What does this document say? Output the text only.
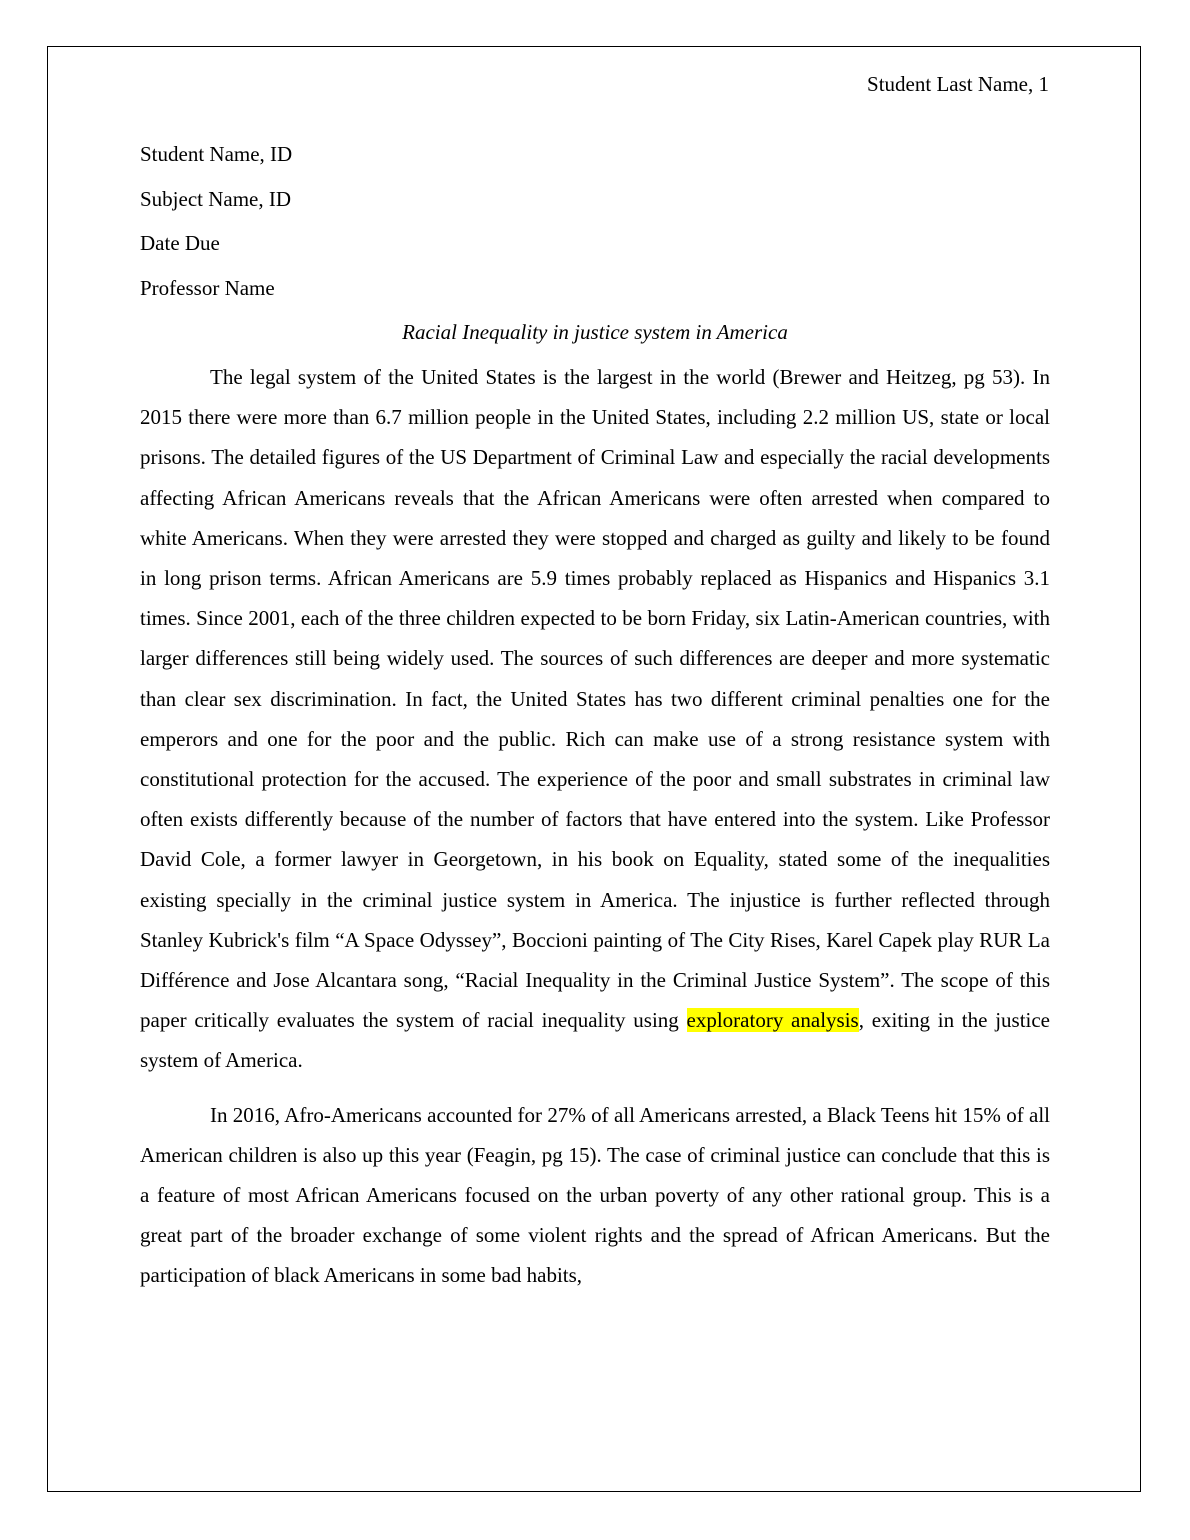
Student Last Name, 1
Student Name, ID
Subject Name, ID
Date Due
Professor Name
Racial Inequality in justice system in America

The legal system of the United States is the largest in the world (Brewer and Heitzeg, pg 53). In 2015 there were more than 6.7 million people in the United States, including 2.2 million US, state or local prisons. The detailed figures of the US Department of Criminal Law and especially the racial developments affecting African Americans reveals that the African Americans were often arrested when compared to white Americans. When they were arrested they were stopped and charged as guilty and likely to be found in long prison terms. African Americans are 5.9 times probably replaced as Hispanics and Hispanics 3.1 times. Since 2001, each of the three children expected to be born Friday, six Latin-American countries, with larger differences still being widely used. The sources of such differences are deeper and more systematic than clear sex discrimination. In fact, the United States has two different criminal penalties one for the emperors and one for the poor and the public. Rich can make use of a strong resistance system with constitutional protection for the accused. The experience of the poor and small substrates in criminal law often exists differently because of the number of factors that have entered into the system. Like Professor David Cole, a former lawyer in Georgetown, in his book on Equality, stated some of the inequalities existing specially in the criminal justice system in America. The injustice is further reflected through Stanley Kubrick's film “A Space Odyssey”, Boccioni painting of The City Rises, Karel Capek play RUR La Différence and Jose Alcantara song, “Racial Inequality in the Criminal Justice System”. The scope of this paper critically evaluates the system of racial inequality using exploratory analysis, exiting in the justice system of America.

In 2016, Afro-Americans accounted for 27% of all Americans arrested, a Black Teens hit 15% of all American children is also up this year (Feagin, pg 15). The case of criminal justice can conclude that this is a feature of most African Americans focused on the urban poverty of any other rational group. This is a great part of the broader exchange of some violent rights and the spread of African Americans. But the participation of black Americans in some bad habits,
